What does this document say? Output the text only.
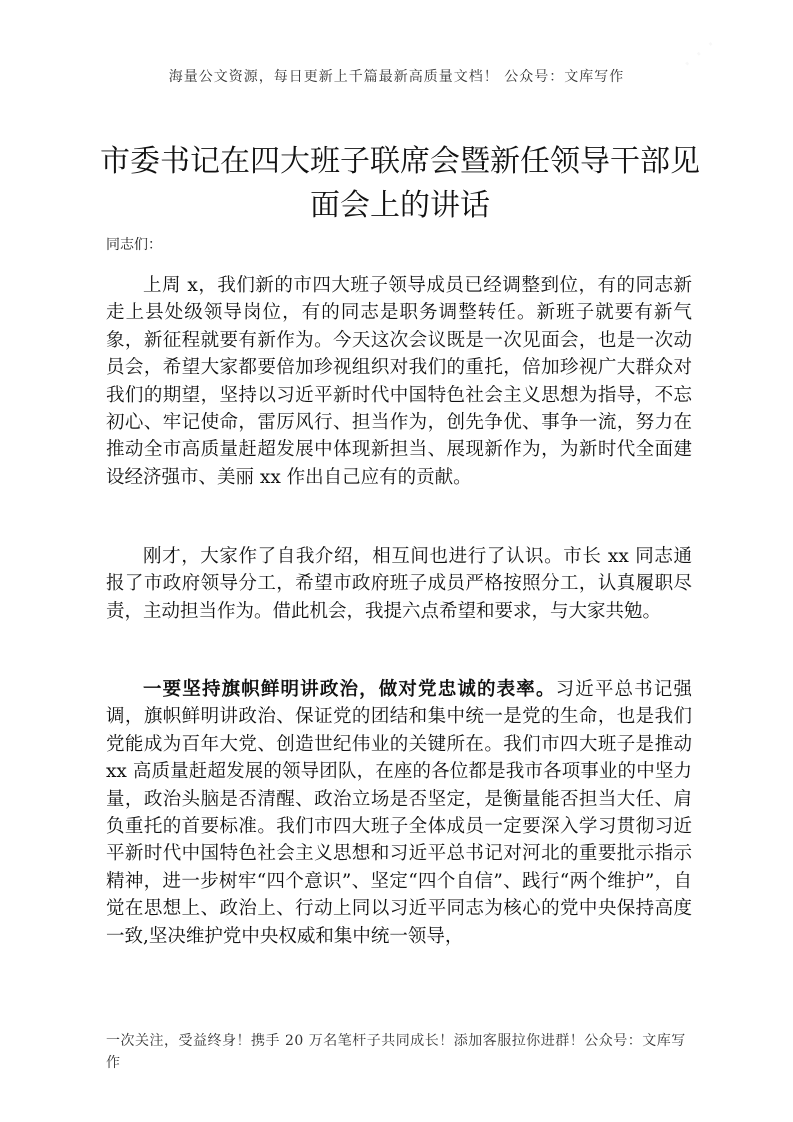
· · ·
海量公文资源，每日更新上千篇最新高质量文档！ 公众号：文库写作
市委书记在四大班子联席会暨新任领导干部见面会上的讲话
同志们：

上周 x，我们新的市四大班子领导成员已经调整到位，有的同志新走上县处级领导岗位，有的同志是职务调整转任。新班子就要有新气象，新征程就要有新作为。今天这次会议既是一次见面会，也是一次动员会，希望大家都要倍加珍视组织对我们的重托，倍加珍视广大群众对我们的期望，坚持以习近平新时代中国特色社会主义思想为指导，不忘初心、牢记使命，雷厉风行、担当作为，创先争优、事争一流，努力在推动全市高质量赶超发展中体现新担当、展现新作为，为新时代全面建设经济强市、美丽 xx 作出自己应有的贡献。

刚才，大家作了自我介绍，相互间也进行了认识。市长 xx 同志通报了市政府领导分工，希望市政府班子成员严格按照分工，认真履职尽责，主动担当作为。借此机会，我提六点希望和要求，与大家共勉。

一要坚持旗帜鲜明讲政治，做对党忠诚的表率。习近平总书记强调，旗帜鲜明讲政治、保证党的团结和集中统一是党的生命，也是我们党能成为百年大党、创造世纪伟业的关键所在。我们市四大班子是推动 xx 高质量赶超发展的领导团队，在座的各位都是我市各项事业的中坚力量，政治头脑是否清醒、政治立场是否坚定，是衡量能否担当大任、肩负重托的首要标准。我们市四大班子全体成员一定要深入学习贯彻习近平新时代中国特色社会主义思想和习近平总书记对河北的重要批示指示精神，进一步树牢“四个意识”、坚定“四个自信”、践行“两个维护”，自觉在思想上、政治上、行动上同以习近平同志为核心的党中央保持高度一致,坚决维护党中央权威和集中统一领导，

一次关注，受益终身！携手 20 万名笔杆子共同成长！添加客服拉你进群！公众号：文库写作
